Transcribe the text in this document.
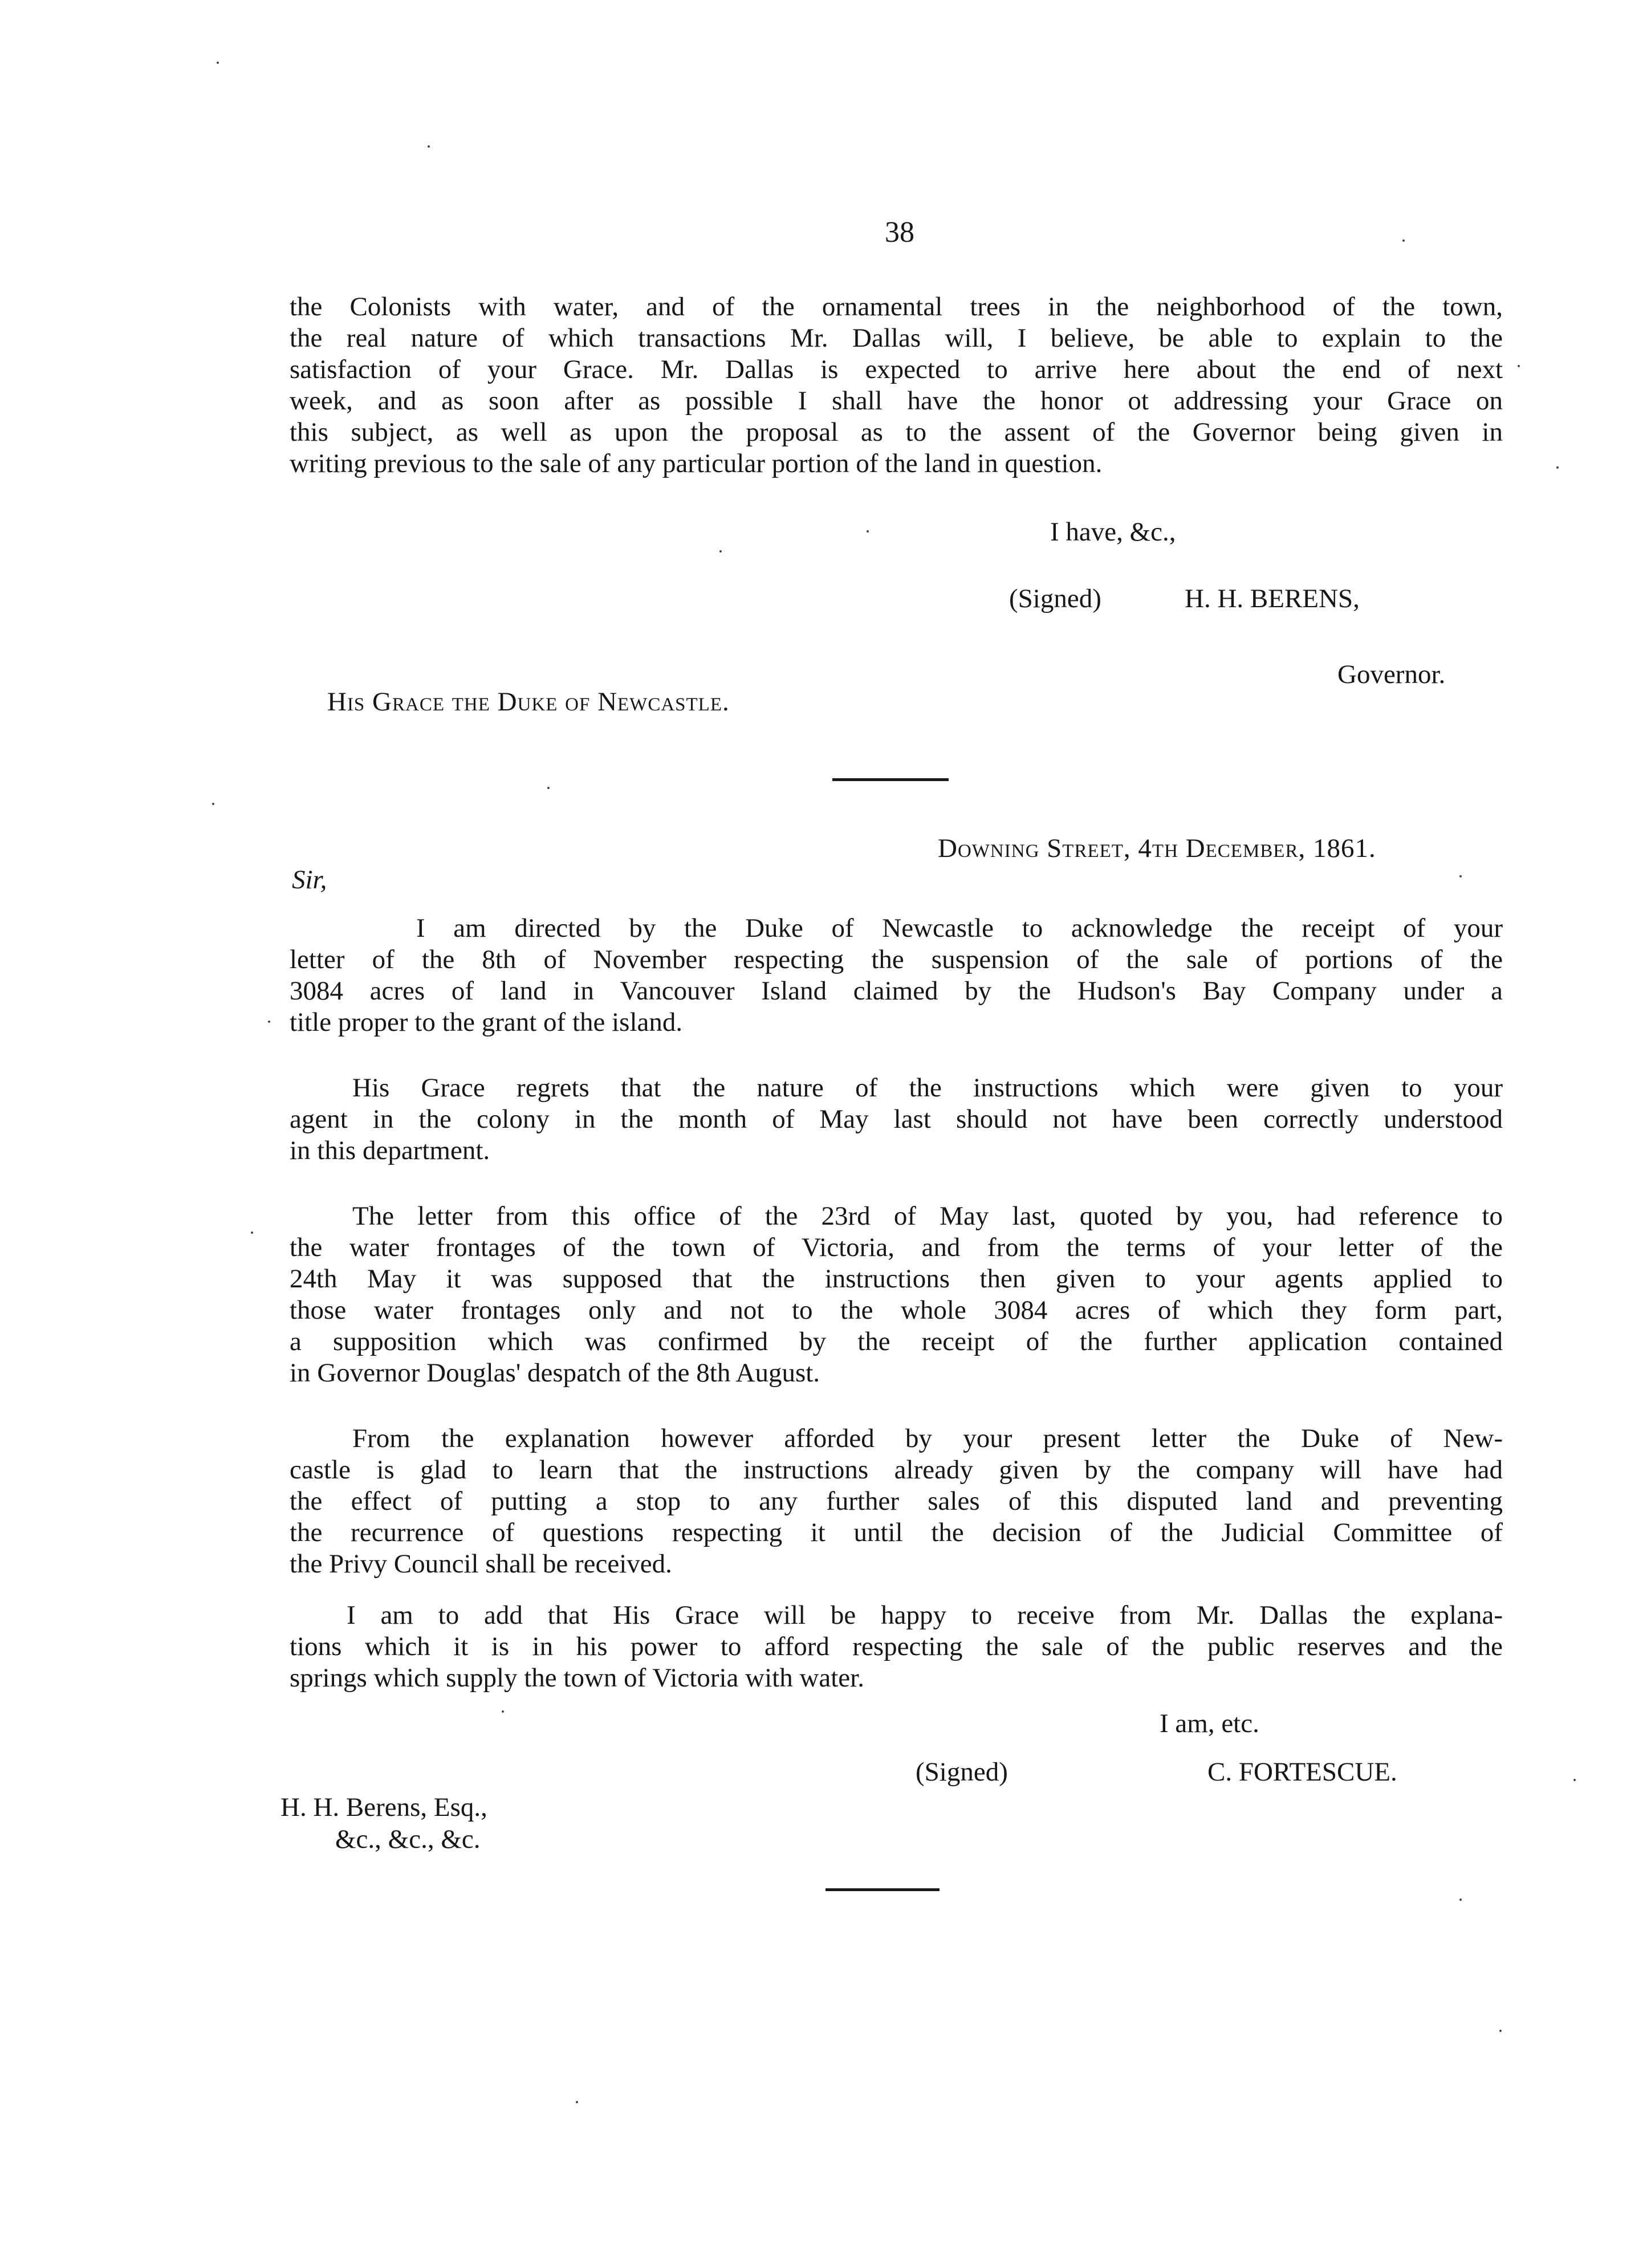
38
the Colonists with water, and of the ornamental trees in the neighborhood of the town,
the real nature of which transactions Mr. Dallas will, I believe, be able to explain to the
satisfaction of your Grace. Mr. Dallas is expected to arrive here about the end of next
week, and as soon after as possible I shall have the honor ot addressing your Grace on
this subject, as well as upon the proposal as to the assent of the Governor being given in
writing previous to the sale of any particular portion of the land in question.
I have, &c.,
(Signed)	H. H. BERENS,
Governor.
His Grace the Duke of Newcastle.
Downing Street, 4th December, 1861.
Sir,
I am directed by the Duke of Newcastle to acknowledge the receipt of your
letter of the 8th of November respecting the suspension of the sale of portions of the
3084 acres of land in Vancouver Island claimed by the Hudson's Bay Company under a
title proper to the grant of the island.
His Grace regrets that the nature of the instructions which were given to your
agent in the colony in the month of May last should not have been correctly understood
in this department.
The letter from this office of the 23rd of May last, quoted by you, had reference to
the water frontages of the town of Victoria, and from the terms of your letter of the
24th May it was supposed that the instructions then given to your agents applied to
those water frontages only and not to the whole 3084 acres of which they form part,
a supposition which was confirmed by the receipt of the further application contained
in Governor Douglas' despatch of the 8th August.
From the explanation however afforded by your present letter the Duke of New-
castle is glad to learn that the instructions already given by the company will have had
the effect of putting a stop to any further sales of this disputed land and preventing
the recurrence of questions respecting it until the decision of the Judicial Committee of
the Privy Council shall be received.
I am to add that His Grace will be happy to receive from Mr. Dallas the explana-
tions which it is in his power to afford respecting the sale of the public reserves and the
springs which supply the town of Victoria with water.
I am, etc.
(Signed)	C. FORTESCUE.
H. H. Berens, Esq.,
&c., &c., &c.
